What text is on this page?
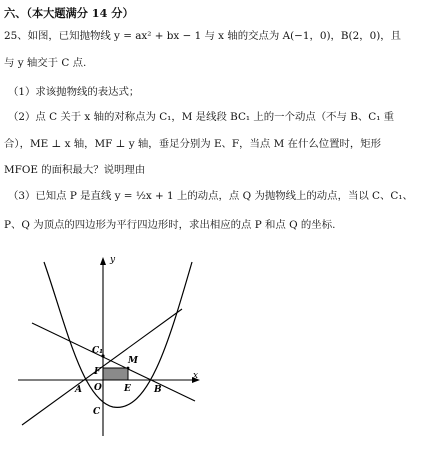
六、（本大题满分 14 分）
25、如图，已知抛物线 y = ax² + bx − 1 与 x 轴的交点为 A(−1，0)，B(2，0)，且
与 y 轴交于 C 点.
（1）求该抛物线的表达式；
（2）点 C 关于 x 轴的对称点为 C₁，M 是线段 BC₁ 上的一个动点（不与 B、C₁ 重
合），ME ⊥ x 轴，MF ⊥ y 轴，垂足分别为 E、F，当点 M 在什么位置时，矩形
MFOE 的面积最大？说明理由
（3）已知点 P 是直线 y = ½x + 1 上的动点，点 Q 为抛物线上的动点，当以 C、C₁、
P、Q 为顶点的四边形为平行四边形时，求出相应的点 P 和点 Q 的坐标.
y
x
C₁
M
F
O
A	E	B
C
